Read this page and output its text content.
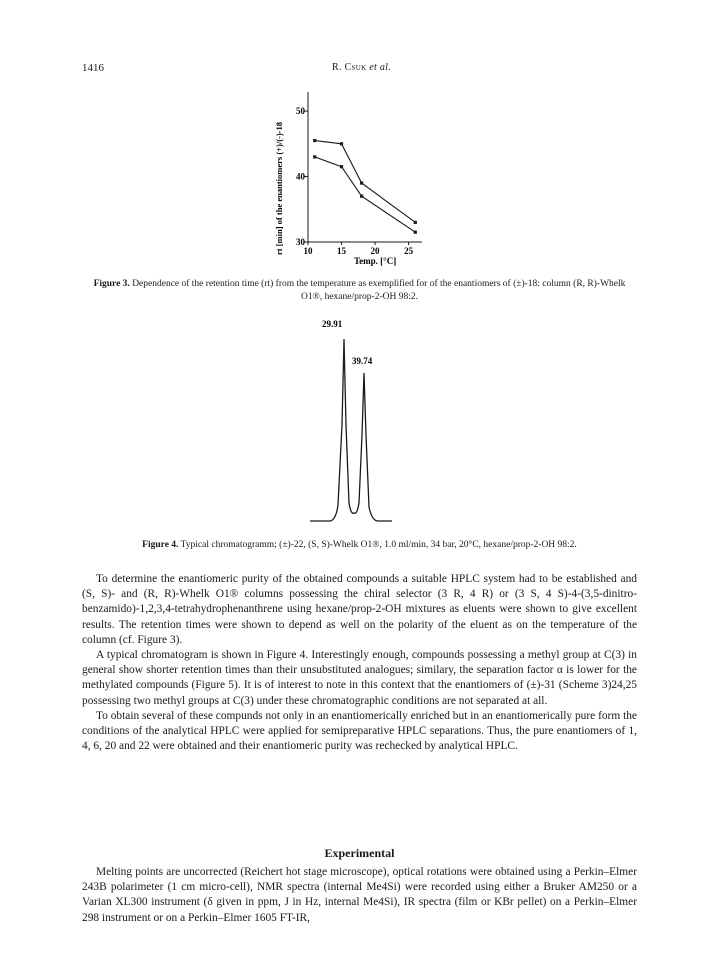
1416	R. Csuk et al.
rt [min] of the enantiomers (+)/(-)-18 30
40
50
10	15	20	25
Temp. [°C]
Figure 3. Dependence of the retention time (rt) from the temperature as exemplified for of the enantiomers of (±)-18: column (R, R)-Whelk O1®, hexane/prop-2-OH 98:2.
29.91
39.74
Figure 4. Typical chromatogramm; (±)-22, (S, S)-Whelk O1®, 1.0 ml/min, 34 bar, 20°C, hexane/prop-2-OH 98:2.

To determine the enantiomeric purity of the obtained compounds a suitable HPLC system had to be established and (S, S)- and (R, R)-Whelk O1® columns possessing the chiral selector (3 R, 4 R) or (3 S, 4 S)-4-(3,5-dinitro-benzamido)-1,2,3,4-tetrahydrophenanthrene using hexane/prop-2-OH mixtures as eluents were shown to give excellent results. The retention times were shown to depend as well on the polarity of the eluent as on the temperature of the column (cf. Figure 3).

A typical chromatogram is shown in Figure 4. Interestingly enough, compounds possessing a methyl group at C(3) in general show shorter retention times than their unsubstituted analogues; similary, the separation factor α is lower for the methylated compounds (Figure 5). It is of interest to note in this context that the enantiomers of (±)-31 (Scheme 3)24,25 possessing two methyl groups at C(3) under these chromatographic conditions are not separated at all.

To obtain several of these compunds not only in an enantiomerically enriched but in an enantiomerically pure form the conditions of the analytical HPLC were applied for semipreparative HPLC separations. Thus, the pure enantiomers of 1, 4, 6, 20 and 22 were obtained and their enantiomeric purity was rechecked by analytical HPLC.

Experimental

Melting points are uncorrected (Reichert hot stage microscope), optical rotations were obtained using a Perkin–Elmer 243B polarimeter (1 cm micro-cell), NMR spectra (internal Me4Si) were recorded using either a Bruker AM250 or a Varian XL300 instrument (δ given in ppm, J in Hz, internal Me4Si), IR spectra (film or KBr pellet) on a Perkin–Elmer 298 instrument or on a Perkin–Elmer 1605 FT-IR,
